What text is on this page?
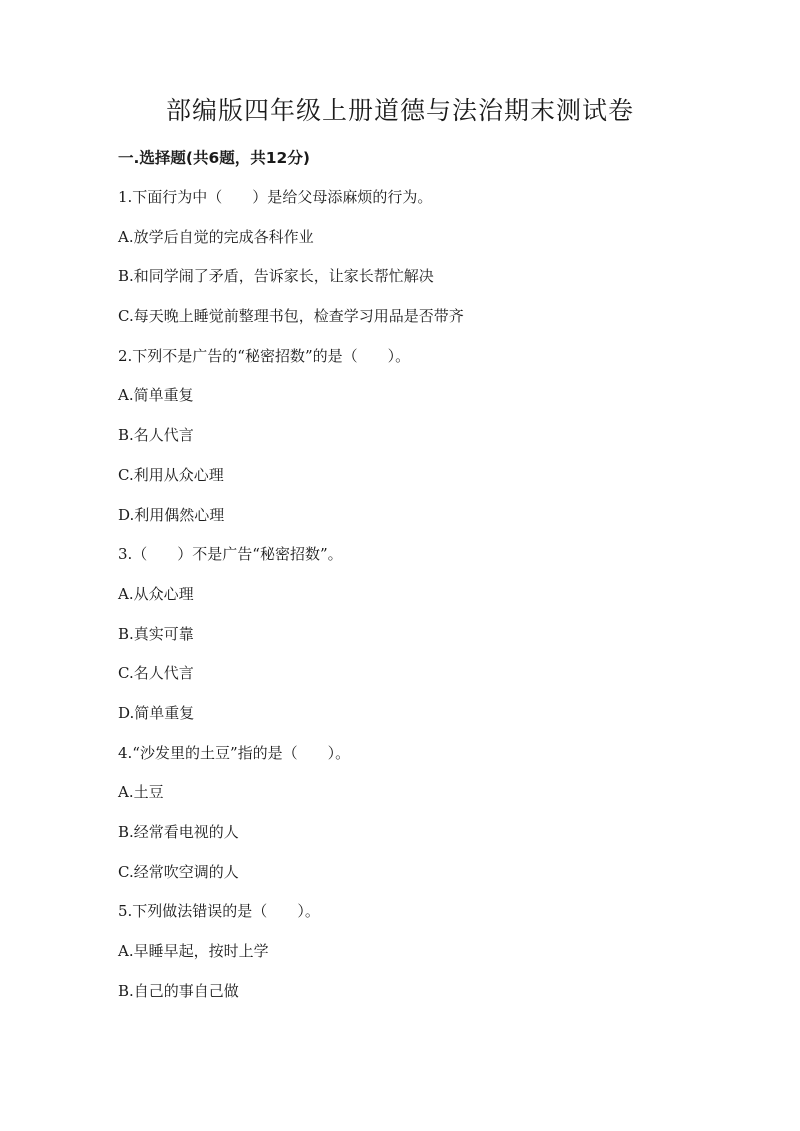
部编版四年级上册道德与法治期末测试卷
一.选择题(共6题，共12分)
1.下面行为中（　　）是给父母添麻烦的行为。
A.放学后自觉的完成各科作业
B.和同学闹了矛盾，告诉家长，让家长帮忙解决
C.每天晚上睡觉前整理书包，检查学习用品是否带齐
2.下列不是广告的“秘密招数”的是（　　）。
A.简单重复
B.名人代言
C.利用从众心理
D.利用偶然心理
3.（　　）不是广告“秘密招数”。
A.从众心理
B.真实可靠
C.名人代言
D.简单重复
4.“沙发里的土豆”指的是（　　）。
A.土豆
B.经常看电视的人
C.经常吹空调的人
5.下列做法错误的是（　　）。
A.早睡早起，按时上学
B.自己的事自己做
